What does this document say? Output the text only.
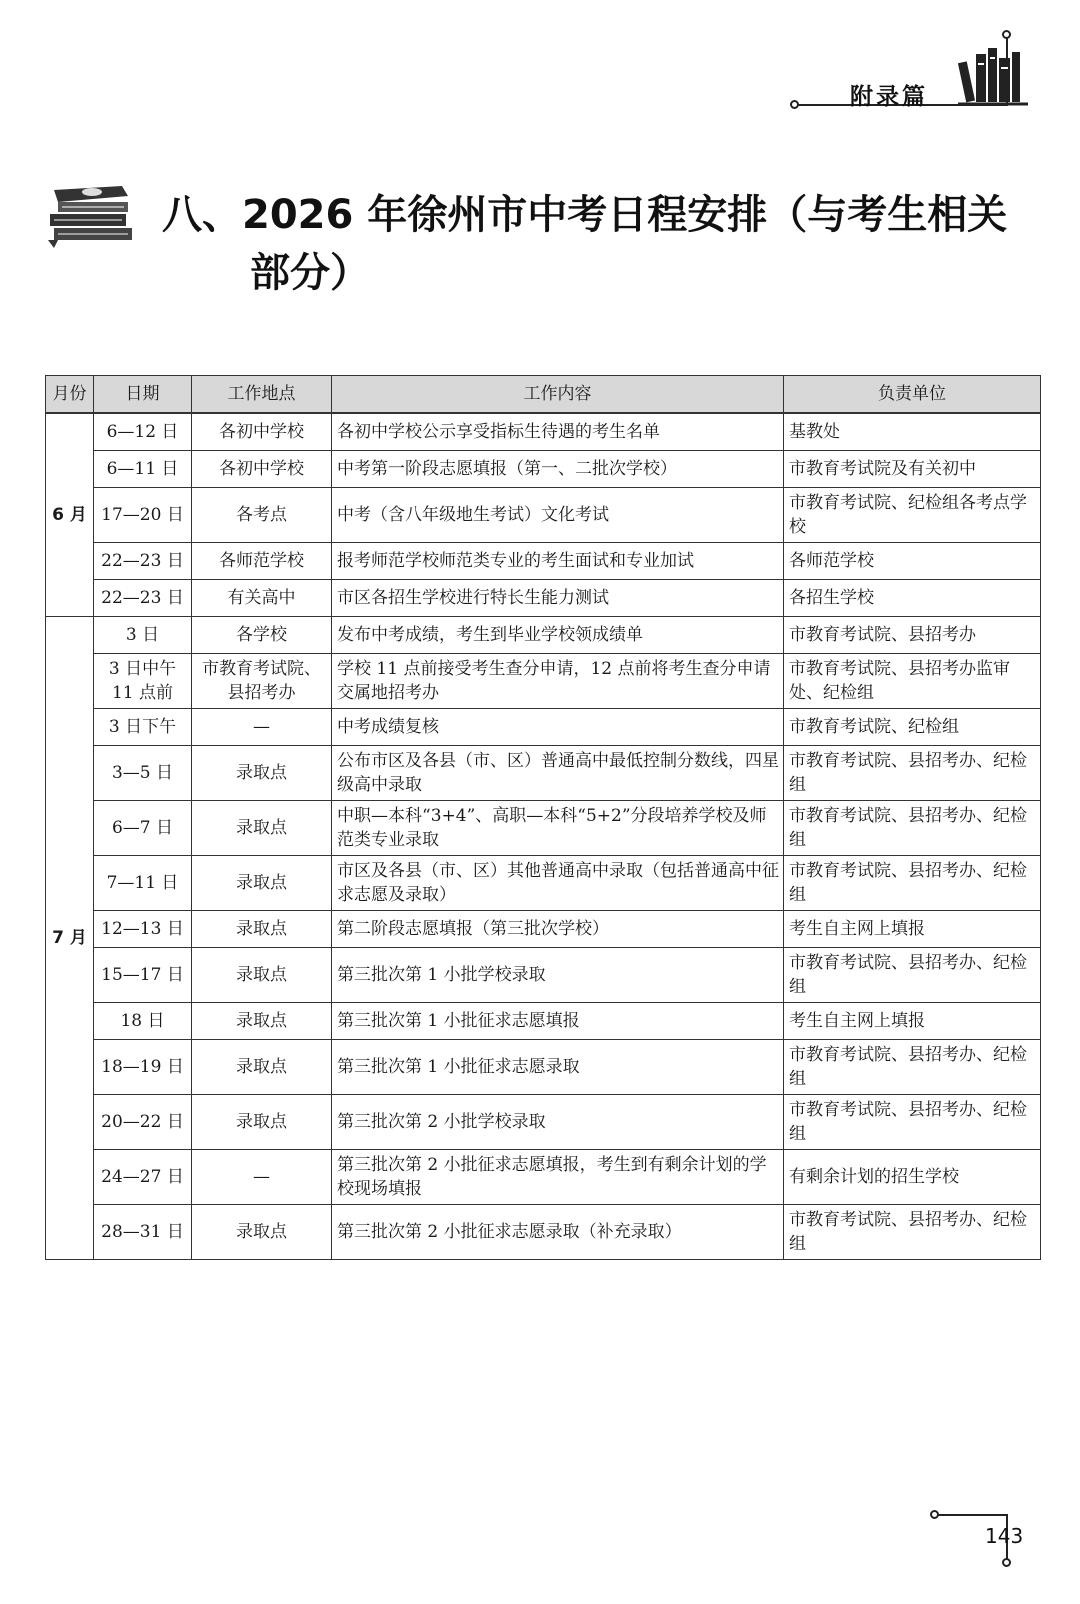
附录篇
八、2026 年徐州市中考日程安排（与考生相关
部分）
月份	日期	工作地点	工作内容	负责单位
6 月	6—12 日	各初中学校	各初中学校公示享受指标生待遇的考生名单	基教处
	6—11 日	各初中学校	中考第一阶段志愿填报（第一、二批次学校）	市教育考试院及有关初中
	17—20 日	各考点	中考（含八年级地生考试）文化考试	市教育考试院、纪检组各考点学校
	22—23 日	各师范学校	报考师范学校师范类专业的考生面试和专业加试	各师范学校
	22—23 日	有关高中	市区各招生学校进行特长生能力测试	各招生学校
7 月	3 日	各学校	发布中考成绩，考生到毕业学校领成绩单	市教育考试院、县招考办
	3 日中午 11 点前	市教育考试院、县招考办	学校 11 点前接受考生查分申请，12 点前将考生查分申请交属地招考办	市教育考试院、县招考办监审处、纪检组
	3 日下午	—	中考成绩复核	市教育考试院、纪检组
	3—5 日	录取点	公布市区及各县（市、区）普通高中最低控制分数线，四星级高中录取	市教育考试院、县招考办、纪检组
	6—7 日	录取点	中职—本科“3+4”、高职—本科“5+2”分段培养学校及师范类专业录取	市教育考试院、县招考办、纪检组
	7—11 日	录取点	市区及各县（市、区）其他普通高中录取（包括普通高中征求志愿及录取）	市教育考试院、县招考办、纪检组
	12—13 日	录取点	第二阶段志愿填报（第三批次学校）	考生自主网上填报
	15—17 日	录取点	第三批次第 1 小批学校录取	市教育考试院、县招考办、纪检组
	18 日	录取点	第三批次第 1 小批征求志愿填报	考生自主网上填报
	18—19 日	录取点	第三批次第 1 小批征求志愿录取	市教育考试院、县招考办、纪检组
	20—22 日	录取点	第三批次第 2 小批学校录取	市教育考试院、县招考办、纪检组
	24—27 日	—	第三批次第 2 小批征求志愿填报，考生到有剩余计划的学校现场填报	有剩余计划的招生学校
	28—31 日	录取点	第三批次第 2 小批征求志愿录取（补充录取）	市教育考试院、县招考办、纪检组
143
